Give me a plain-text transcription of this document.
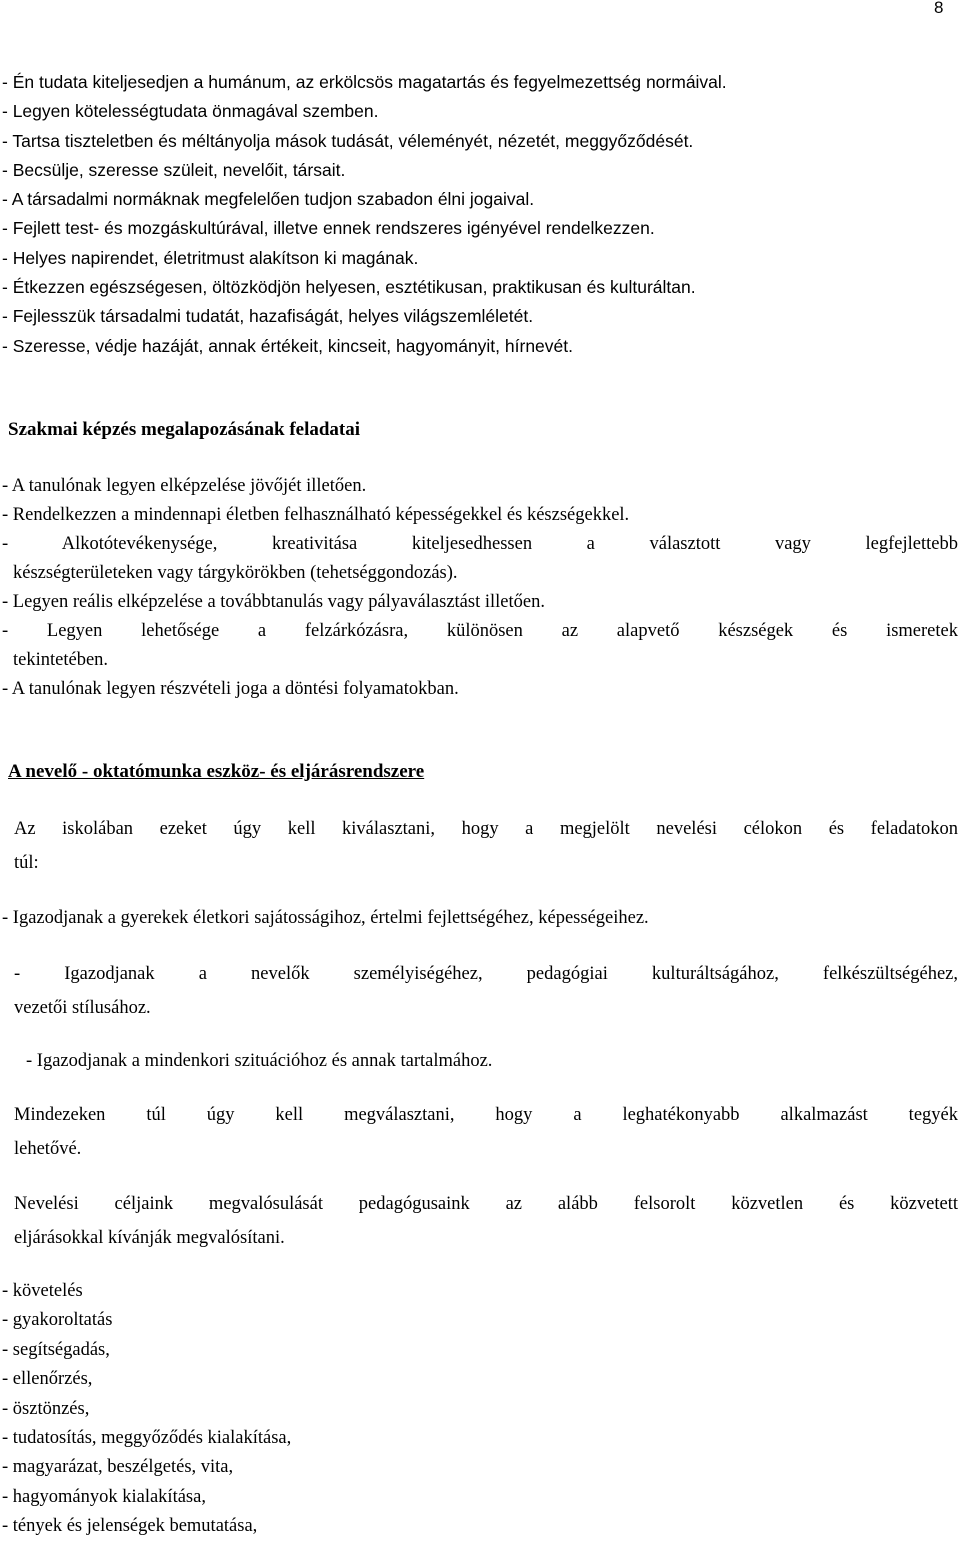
8
- Én tudata kiteljesedjen a humánum, az erkölcsös magatartás és fegyelmezettség normáival.
- Legyen kötelességtudata önmagával szemben.
- Tartsa tiszteletben és méltányolja mások tudását, véleményét, nézetét, meggyőződését.
- Becsülje, szeresse szüleit, nevelőit, társait.
- A társadalmi normáknak megfelelően tudjon szabadon élni jogaival.
- Fejlett test- és mozgáskultúrával, illetve ennek rendszeres igényével rendelkezzen.
- Helyes napirendet, életritmust alakítson ki magának.
- Étkezzen egészségesen, öltözködjön helyesen, esztétikusan, praktikusan és kulturáltan.
- Fejlesszük társadalmi tudatát, hazafiságát, helyes világszemléletét.
- Szeresse, védje hazáját, annak értékeit, kincseit, hagyományit, hírnevét.
Szakmai képzés megalapozásának feladatai
- A tanulónak legyen elképzelése jövőjét illetően.
- Rendelkezzen a mindennapi életben felhasználható képességekkel és készségekkel.
- Alkotótevékenysége, kreativitása kiteljesedhessen a választott vagy legfejlettebb
készségterületeken vagy tárgykörökben (tehetséggondozás).
- Legyen reális elképzelése a továbbtanulás vagy pályaválasztást illetően.
- Legyen lehetősége a felzárkózásra, különösen az alapvető készségek és ismeretek
tekintetében.
- A tanulónak legyen részvételi joga a döntési folyamatokban.
A nevelő - oktatómunka eszköz- és eljárásrendszere
Az iskolában ezeket úgy kell kiválasztani, hogy a megjelölt nevelési célokon és feladatokon
túl:
- Igazodjanak a gyerekek életkori sajátosságihoz, értelmi fejlettségéhez, képességeihez.
- Igazodjanak a nevelők személyiségéhez, pedagógiai kulturáltságához, felkészültségéhez,
vezetői stílusához.
- Igazodjanak a mindenkori szituációhoz és annak tartalmához.
Mindezeken túl úgy kell megválasztani, hogy a leghatékonyabb alkalmazást tegyék
lehetővé.
Nevelési céljaink megvalósulását pedagógusaink az alább felsorolt közvetlen és közvetett
eljárásokkal kívánják megvalósítani.
- követelés
- gyakoroltatás
- segítségadás,
- ellenőrzés,
- ösztönzés,
- tudatosítás, meggyőződés kialakítása,
- magyarázat, beszélgetés, vita,
- hagyományok kialakítása,
- tények és jelenségek bemutatása,
